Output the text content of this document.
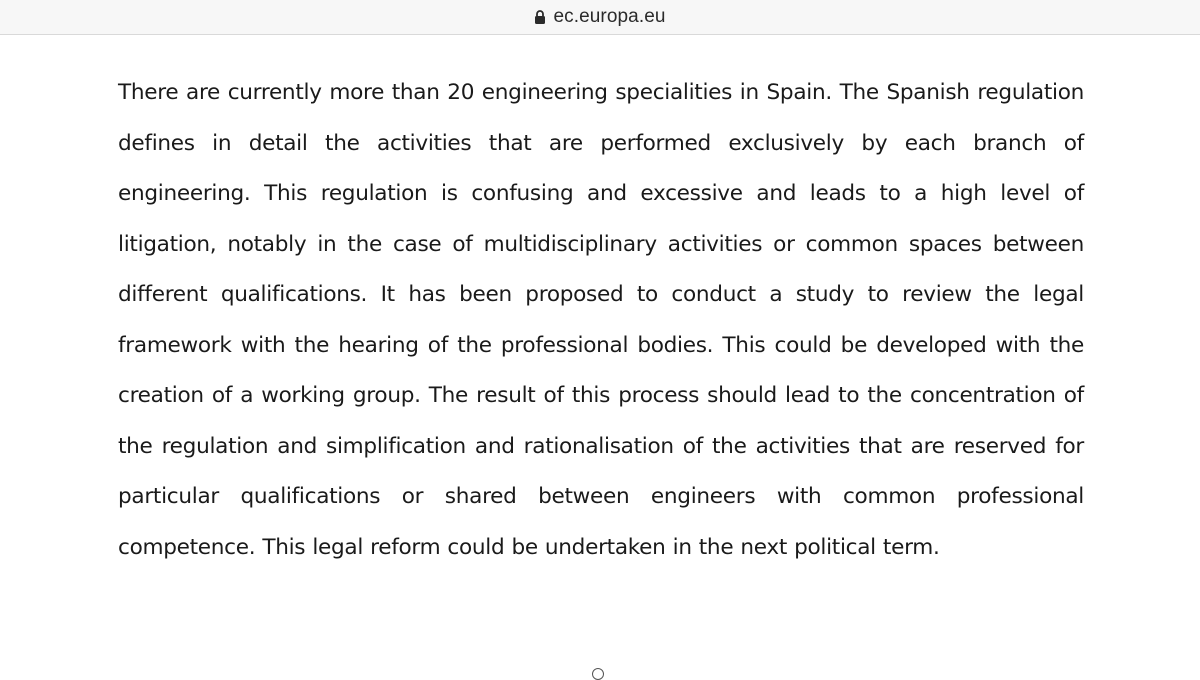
ec.europa.eu

There are currently more than 20 engineering specialities in Spain. The Spanish regulation defines in detail the activities that are performed exclusively by each branch of engineering. This regulation is confusing and excessive and leads to a high level of litigation, notably in the case of multidisciplinary activities or common spaces between different qualifications. It has been proposed to conduct a study to review the legal framework with the hearing of the professional bodies. This could be developed with the creation of a working group. The result of this process should lead to the concentration of the regulation and simplification and rationalisation of the activities that are reserved for particular qualifications or shared between engineers with common professional competence. This legal reform could be undertaken in the next political term.
